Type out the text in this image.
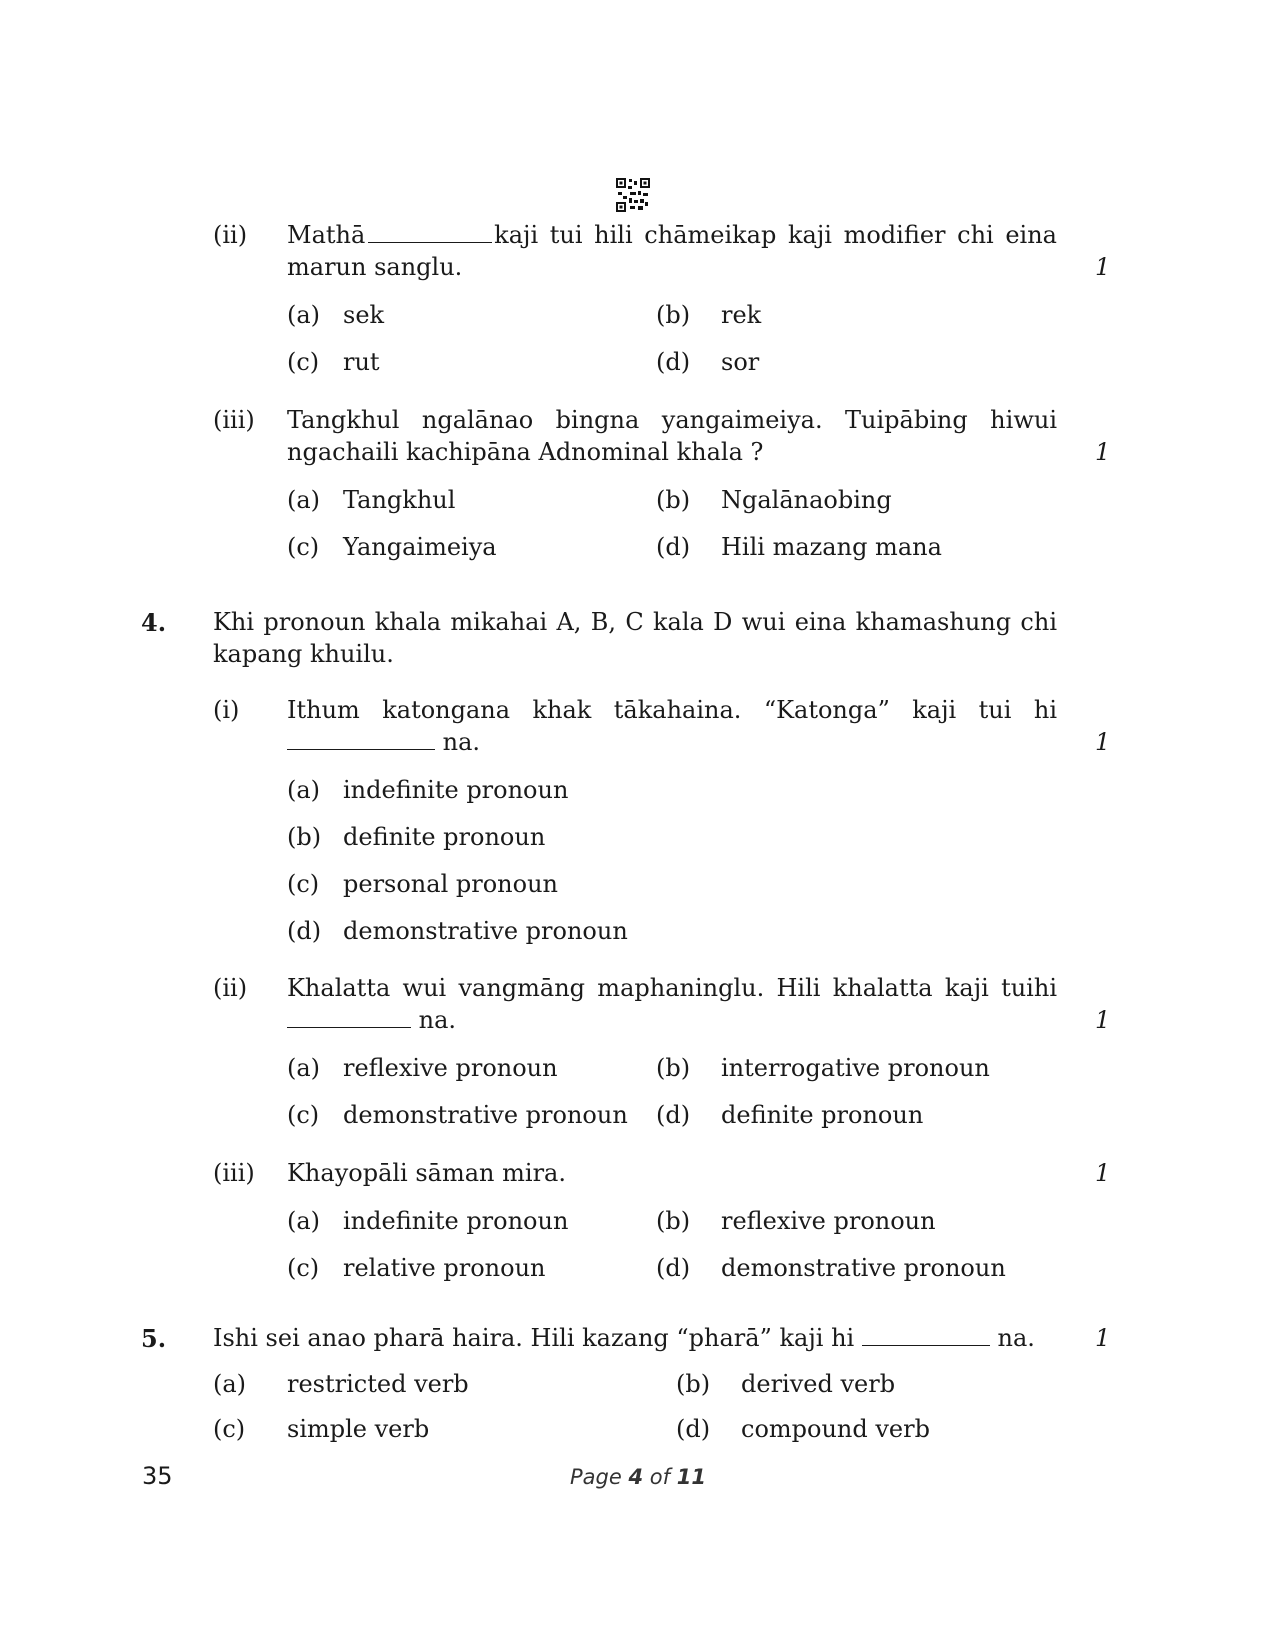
(ii) Mathā	kaji tui hili chāmeikap kaji modifier chi eina
marun sanglu.	1
(a) sek	(b) rek
(c) rut	(d) sor
(iii) Tangkhul ngalānao bingna yangaimeiya. Tuipābing hiwui
ngachaili kachipāna Adnominal khala ?	1
(a) Tangkhul	(b) Ngalānaobing
(c) Yangaimeiya	(d) Hili mazang mana
4. Khi pronoun khala mikahai A, B, C kala D wui eina khamashung chi
kapang khuilu.
(i) Ithum katongana khak tākahaina. “Katonga” kaji tui hi
na.	1
(a) indefinite pronoun
(b) definite pronoun
(c) personal pronoun
(d) demonstrative pronoun
(ii) Khalatta wui vangmāng maphaninglu. Hili khalatta kaji tuihi
na.	1
(a) reflexive pronoun	(b) interrogative pronoun
(c) demonstrative pronoun (d) definite pronoun
(iii) Khayopāli sāman mira.	1
(a) indefinite pronoun	(b) reflexive pronoun
(c) relative pronoun	(d) demonstrative pronoun
5. Ishi sei anao pharā haira. Hili kazang “pharā” kaji hi	na.	1
(a) restricted verb	(b) derived verb
(c) simple verb	(d) compound verb
35	Page 4 of 11
